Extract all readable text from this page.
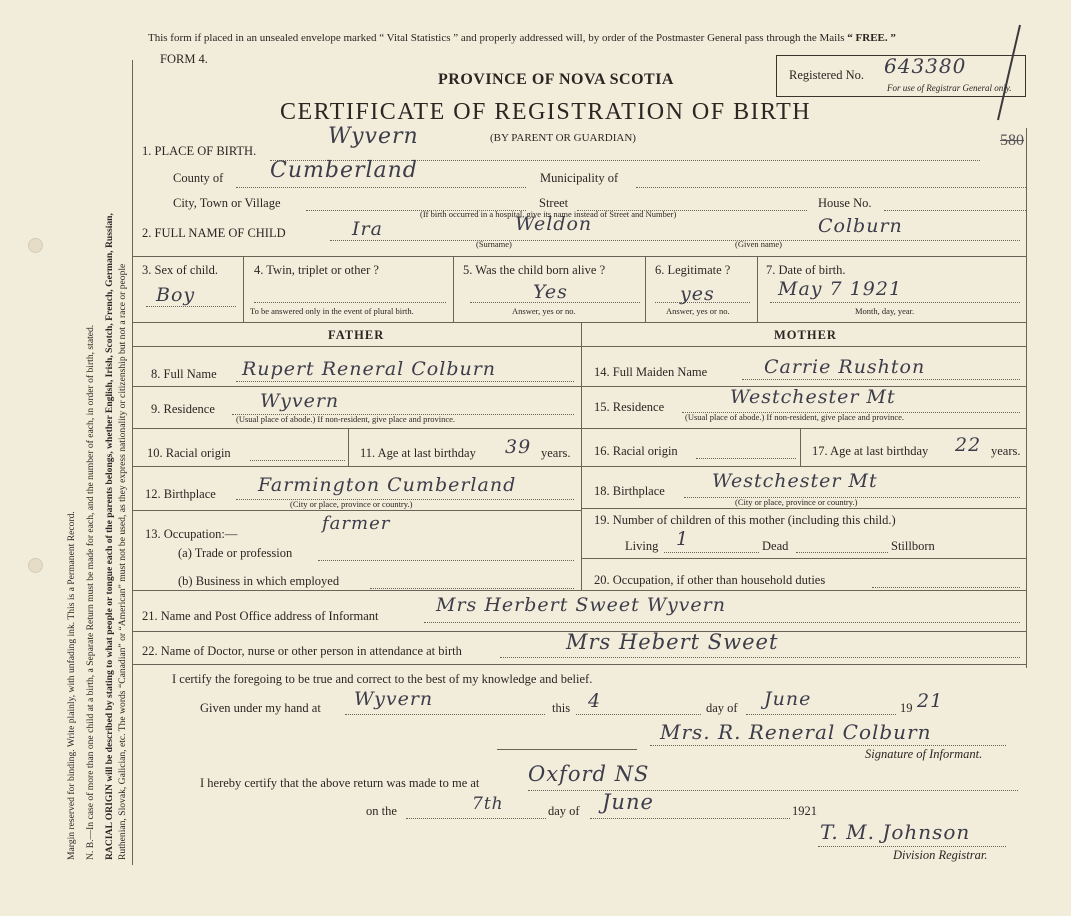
Margin reserved for binding. Write plainly, with unfading ink. This is a Permanent Record. N. B.—In case of more than one child at a birth, a Separate Return must be made for each, and the number of each, in order of birth, stated. RACIAL ORIGIN will be described by stating to what people or tongue each of the parents belongs, whether English, Irish, Scotch, French, German, Russian, Ruthenian, Slovak, Galician, etc. The words “Canadian” or “American” must not be used, as they express nationality or citizenship but not a race or people
This form if placed in an unsealed envelope marked “ Vital Statistics ” and properly addressed will, by order of the Postmaster General pass through the Mails “ FREE. ”
FORM 4.
PROVINCE OF NOVA SCOTIA
CERTIFICATE OF REGISTRATION OF BIRTH
(BY PARENT OR GUARDIAN)
Registered No. 643380
For use of Registrar General only.
580
1. PLACE OF BIRTH.
Wyvern
County of Cumberland	Municipality of
City, Town or Village	Street	House No.
(If birth occurred in a hospital, give its name instead of Street and Number)
2. FULL NAME OF CHILD	Ira	Weldon	Colburn
(Surname)	(Given name)
3. Sex of child.
Boy
4. Twin, triplet or other ?
To be answered only in the event of plural birth.
5. Was the child born alive ?
Yes
Answer, yes or no.
6. Legitimate ?
yes
Answer, yes or no.
7. Date of birth.
May 7 1921
Month, day, year.
FATHER	MOTHER
8. Full Name Rupert Reneral Colburn
9. Residence Wyvern
(Usual place of abode.) If non-resident, give place and province.
10. Racial origin	11. Age at last birthday 39 years.
12. Birthplace Farmington Cumberland
(City or place, province or country.)
13. Occupation:—	farmer
(a) Trade or profession
(b) Business in which employed
14. Full Maiden Name	Carrie Rushton
15. Residence	Westchester Mt
(Usual place of abode.) If non-resident, give place and province.
16. Racial origin	17. Age at last birthday 22 years.
18. Birthplace Westchester Mt
(City or place, province or country.)
19. Number of children of this mother (including this child.)
Living 1	Dead	Stillborn
20. Occupation, if other than household duties
21. Name and Post Office address of Informant	Mrs Herbert Sweet Wyvern
22. Name of Doctor, nurse or other person in attendance at birth	Mrs Hebert Sweet
I certify the foregoing to be true and correct to the best of my knowledge and belief.
Given under my hand at Wyvern	this 4	day of June	19 21
Mrs. R. Reneral Colburn
Signature of Informant.
I hereby certify that the above return was made to me at Oxford NS
on the	7th	day of June	1921
T. M. Johnson
Division Registrar.
